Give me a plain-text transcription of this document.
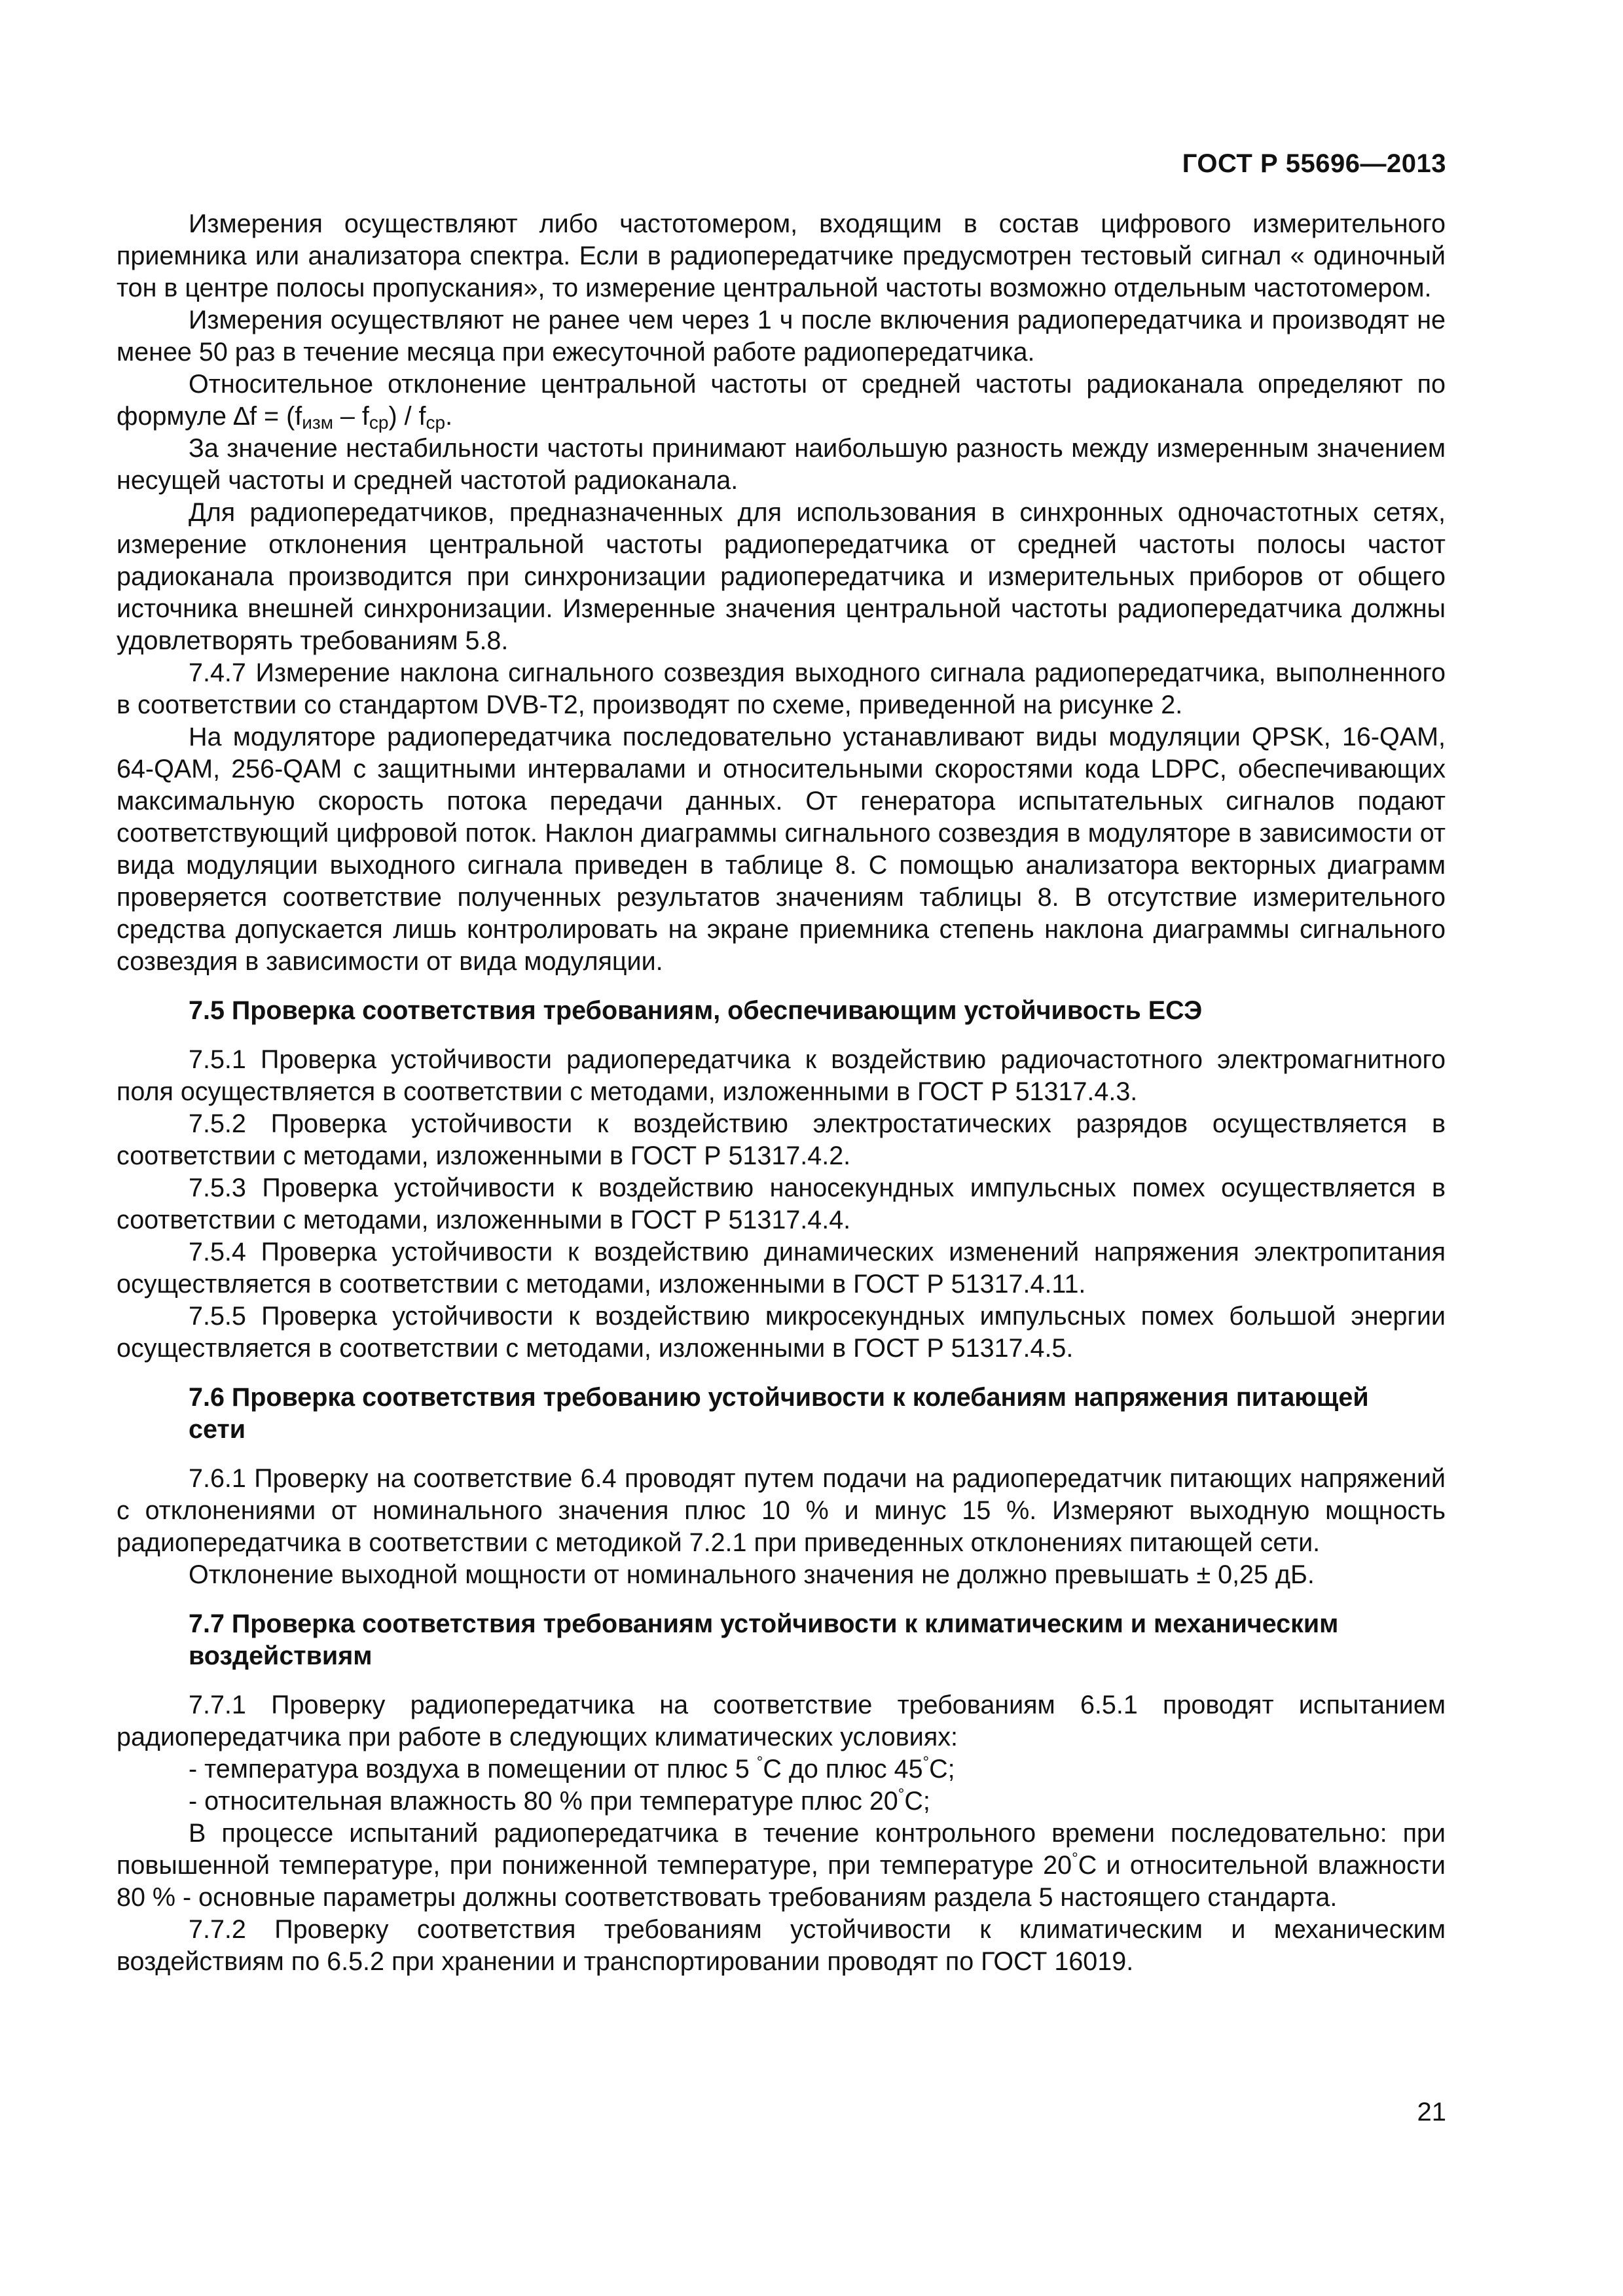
ГОСТ Р 55696—2013

Измерения осуществляют либо частотомером, входящим в состав цифрового измерительного приемника или анализатора спектра. Если в радиопередатчике предусмотрен тестовый сигнал « одиночный тон в центре полосы пропускания», то измерение центральной частоты возможно отдельным частотомером.

Измерения осуществляют не ранее чем через 1 ч после включения радиопередатчика и производят не менее 50 раз в течение месяца при ежесуточной работе радиопередатчика.

Относительное отклонение центральной частоты от средней частоты радиоканала определяют по формуле $\Delta f = (f_{изм} - f_{ср}) / f_{ср}$.

За значение нестабильности частоты принимают наибольшую разность между измеренным значением несущей частоты и средней частотой радиоканала.

Для радиопередатчиков, предназначенных для использования в синхронных одночастотных сетях, измерение отклонения центральной частоты радиопередатчика от средней частоты полосы частот радиоканала производится при синхронизации радиопередатчика и измерительных приборов от общего источника внешней синхронизации. Измеренные значения центральной частоты радиопередатчика должны удовлетворять требованиям 5.8.

7.4.7 Измерение наклона сигнального созвездия выходного сигнала радиопередатчика, выполненного в соответствии со стандартом DVB-T2, производят по схеме, приведенной на рисунке 2.

На модуляторе радиопередатчика последовательно устанавливают виды модуляции QPSK, 16-QAM, 64-QAM, 256-QAM с защитными интервалами и относительными скоростями кода LDPC, обеспечивающих максимальную скорость потока передачи данных. От генератора испытательных сигналов подают соответствующий цифровой поток. Наклон диаграммы сигнального созвездия в модуляторе в зависимости от вида модуляции выходного сигнала приведен в таблице 8. С помощью анализатора векторных диаграмм проверяется соответствие полученных результатов значениям таблицы 8. В отсутствие измерительного средства допускается лишь контролировать на экране приемника степень наклона диаграммы сигнального созвездия в зависимости от вида модуляции.

7.5 Проверка соответствия требованиям, обеспечивающим устойчивость ЕСЭ

7.5.1 Проверка устойчивости радиопередатчика к воздействию радиочастотного электромагнитного поля осуществляется в соответствии с методами, изложенными в ГОСТ Р 51317.4.3.

7.5.2 Проверка устойчивости к воздействию электростатических разрядов осуществляется в соответствии с методами, изложенными в ГОСТ Р 51317.4.2.

7.5.3 Проверка устойчивости к воздействию наносекундных импульсных помех осуществляется в соответствии с методами, изложенными в ГОСТ Р 51317.4.4.

7.5.4 Проверка устойчивости к воздействию динамических изменений напряжения электропитания осуществляется в соответствии с методами, изложенными в ГОСТ Р 51317.4.11.

7.5.5 Проверка устойчивости к воздействию микросекундных импульсных помех большой энергии осуществляется в соответствии с методами, изложенными в ГОСТ Р 51317.4.5.

7.6 Проверка соответствия требованию устойчивости к колебаниям напряжения питающей
сети

7.6.1 Проверку на соответствие 6.4 проводят путем подачи на радиопередатчик питающих напряжений с отклонениями от номинального значения плюс 10 % и минус 15 %. Измеряют выходную мощность радиопередатчика в соответствии с методикой 7.2.1 при приведенных отклонениях питающей сети.

Отклонение выходной мощности от номинального значения не должно превышать ± 0,25 дБ.

7.7 Проверка соответствия требованиям устойчивости к климатическим и механическим
воздействиям

7.7.1 Проверку радиопередатчика на соответствие требованиям 6.5.1 проводят испытанием радиопередатчика при работе в следующих климатических условиях:

- температура воздуха в помещении от плюс 5 °С до плюс 45°С;

- относительная влажность 80 % при температуре плюс 20°С;

В процессе испытаний радиопередатчика в течение контрольного времени последовательно: при повышенной температуре, при пониженной температуре, при температуре 20°С и относительной влажности 80 % - основные параметры должны соответствовать требованиям раздела 5 настоящего стандарта.

7.7.2 Проверку соответствия требованиям устойчивости к климатическим и механическим воздействиям по 6.5.2 при хранении и транспортировании проводят по ГОСТ 16019.

21
